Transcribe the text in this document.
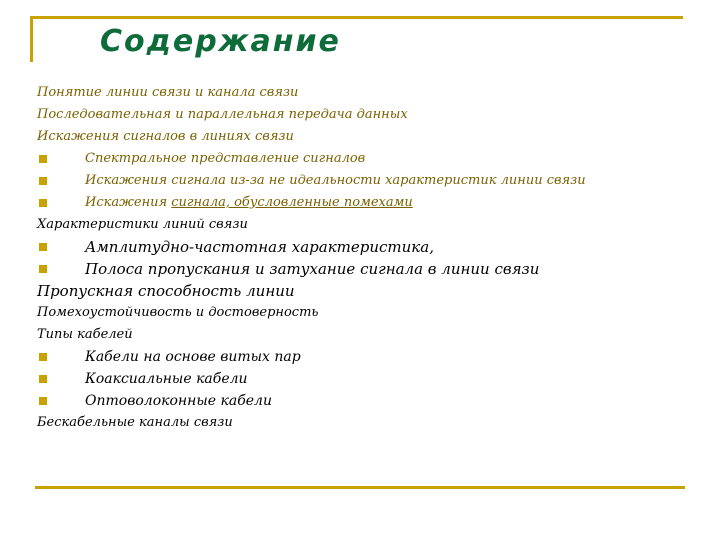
Содержание
Понятие линии связи и канала связи
Последовательная и параллельная передача данных
Искажения сигналов в линиях связи
Спектральное представление сигналов
Искажения сигнала из-за не идеальности характеристик линии связи
Искажения сигнала, обусловленные помехами
Характеристики линий связи
Амплитудно-частотная характеристика,
Полоса пропускания и затухание сигнала в линии связи
Пропускная способность линии
Помехоустойчивость и достоверность
Типы кабелей
Кабели на основе витых пар
Коаксиальные кабели
Оптоволоконные кабели
Бескабельные каналы связи
